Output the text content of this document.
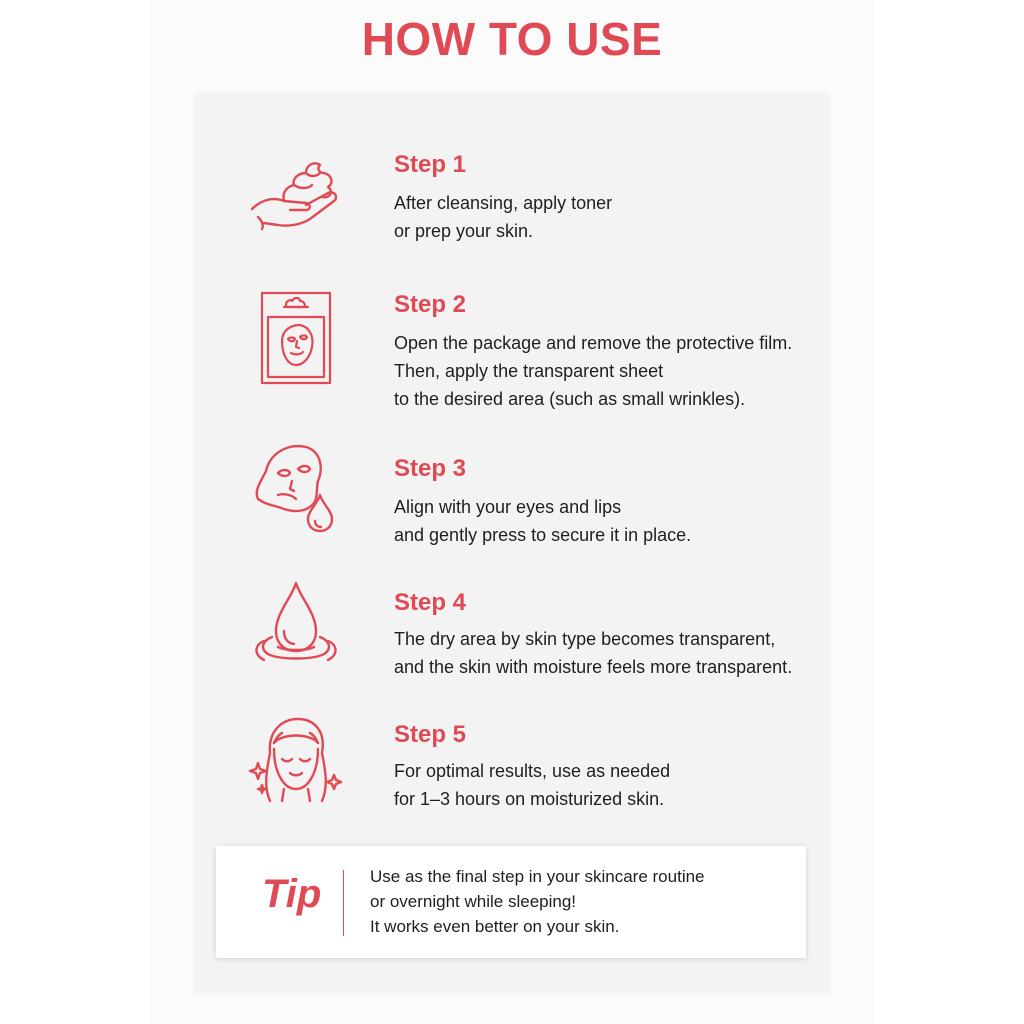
HOW TO USE
Step 1
After cleansing, apply toner
or prep your skin.
Step 2
Open the package and remove the protective film.
Then, apply the transparent sheet
to the desired area (such as small wrinkles).
Step 3
Align with your eyes and lips
and gently press to secure it in place.
Step 4
The dry area by skin type becomes transparent,
and the skin with moisture feels more transparent.
Step 5
For optimal results, use as needed
for 1–3 hours on moisturized skin.
Tip	Use as the final step in your skincare routine
or overnight while sleeping!
It works even better on your skin.
